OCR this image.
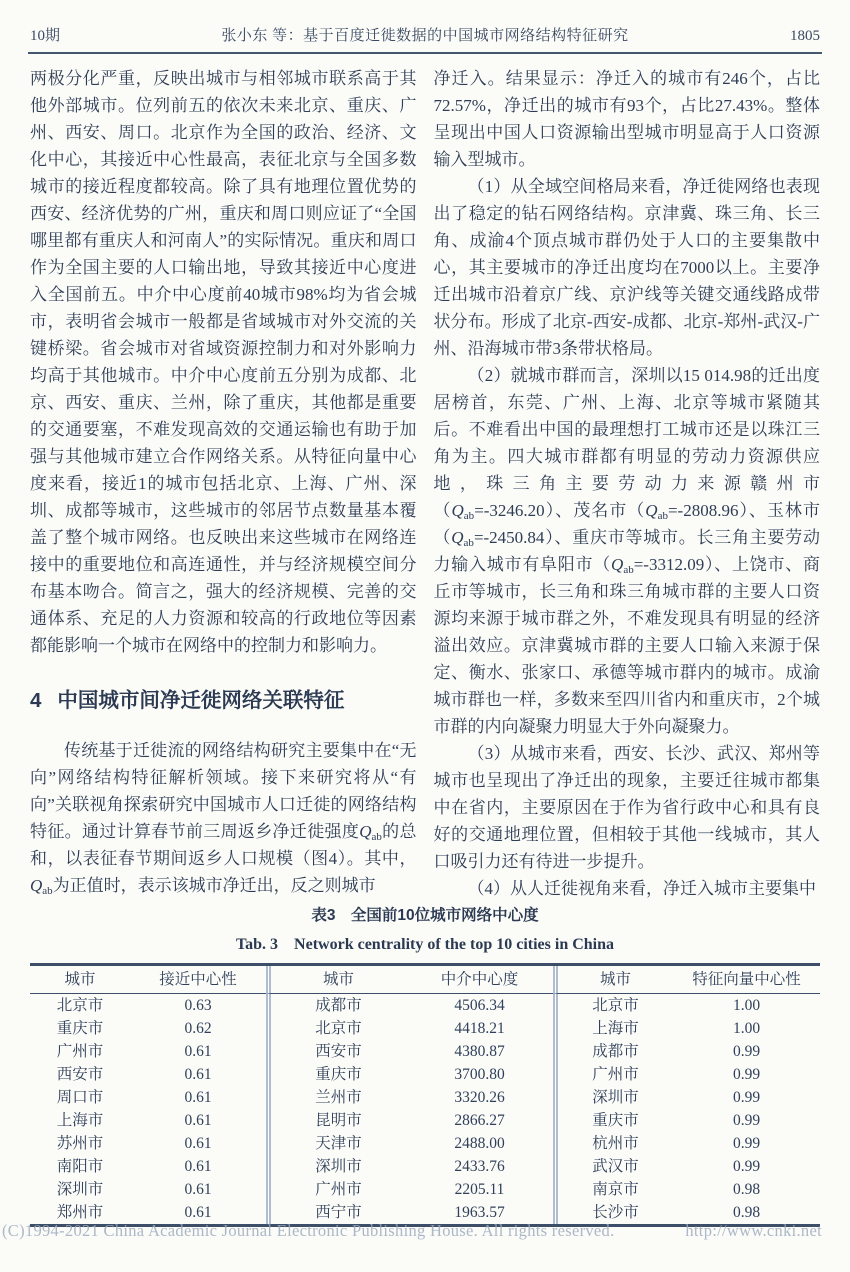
10期	张小东 等：基于百度迁徙数据的中国城市网络结构特征研究	1805

两极分化严重，反映出城市与相邻城市联系高于其他外部城市。位列前五的依次未来北京、重庆、广州、西安、周口。北京作为全国的政治、经济、文化中心，其接近中心性最高，表征北京与全国多数城市的接近程度都较高。除了具有地理位置优势的西安、经济优势的广州，重庆和周口则应证了“全国哪里都有重庆人和河南人”的实际情况。重庆和周口作为全国主要的人口输出地，导致其接近中心度进入全国前五。中介中心度前40城市98%均为省会城市，表明省会城市一般都是省域城市对外交流的关键桥梁。省会城市对省域资源控制力和对外影响力均高于其他城市。中介中心度前五分别为成都、北京、西安、重庆、兰州，除了重庆，其他都是重要的交通要塞，不难发现高效的交通运输也有助于加强与其他城市建立合作网络关系。从特征向量中心度来看，接近1的城市包括北京、上海、广州、深圳、成都等城市，这些城市的邻居节点数量基本覆盖了整个城市网络。也反映出来这些城市在网络连接中的重要地位和高连通性，并与经济规模空间分布基本吻合。简言之，强大的经济规模、完善的交通体系、充足的人力资源和较高的行政地位等因素都能影响一个城市在网络中的控制力和影响力。

4 中国城市间净迁徙网络关联特征

传统基于迁徙流的网络结构研究主要集中在“无向”网络结构特征解析领域。接下来研究将从“有向”关联视角探索研究中国城市人口迁徙的网络结构特征。通过计算春节前三周返乡净迁徙强度$Q_{ab}$的总和，以表征春节期间返乡人口规模（图4）。其中，$Q_{ab}$为正值时，表示该城市净迁出，反之则城市

净迁入。结果显示：净迁入的城市有246个，占比72.57%，净迁出的城市有93个，占比27.43%。整体呈现出中国人口资源输出型城市明显高于人口资源输入型城市。

（1）从全域空间格局来看，净迁徙网络也表现出了稳定的钻石网络结构。京津冀、珠三角、长三角、成渝4个顶点城市群仍处于人口的主要集散中心，其主要城市的净迁出度均在7000以上。主要净迁出城市沿着京广线、京沪线等关键交通线路成带状分布。形成了北京-西安-成都、北京-郑州-武汉-广州、沿海城市带3条带状格局。

（2）就城市群而言，深圳以15 014.98的迁出度居榜首，东莞、广州、上海、北京等城市紧随其后。不难看出中国的最理想打工城市还是以珠江三角为主。四大城市群都有明显的劳动力资源供应地，珠三角主要劳动力来源赣州市$(Q_{ab}=-3246.20)$、茂名市$(Q_{ab}=-2808.96)$、玉林市$(Q_{ab}=-2450.84)$、重庆市等城市。长三角主要劳动力输入城市有阜阳市$(Q_{ab}=-3312.09)$、上饶市、商丘市等城市，长三角和珠三角城市群的主要人口资源均来源于城市群之外，不难发现具有明显的经济溢出效应。京津冀城市群的主要人口输入来源于保定、衡水、张家口、承德等城市群内的城市。成渝城市群也一样，多数来至四川省内和重庆市，2个城市群的内向凝聚力明显大于外向凝聚力。

（3）从城市来看，西安、长沙、武汉、郑州等城市也呈现出了净迁出的现象，主要迁往城市都集中在省内，主要原因在于作为省行政中心和具有良好的交通地理位置，但相较于其他一线城市，其人口吸引力还有待进一步提升。

（4）从人迁徙视角来看，净迁入城市主要集中

表3　全国前10位城市网络中心度
Tab. 3　Network centrality of the top 10 cities in China
城市	接近中心性	城市	中介中心度	城市	特征向量中心性
北京市	0.63	成都市	4506.34	北京市	1.00
重庆市	0.62	北京市	4418.21	上海市	1.00
广州市	0.61	西安市	4380.87	成都市	0.99
西安市	0.61	重庆市	3700.80	广州市	0.99
周口市	0.61	兰州市	3320.26	深圳市	0.99
上海市	0.61	昆明市	2866.27	重庆市	0.99
苏州市	0.61	天津市	2488.00	杭州市	0.99
南阳市	0.61	深圳市	2433.76	武汉市	0.99
深圳市	0.61	广州市	2205.11	南京市	0.98
郑州市	0.61	西宁市	1963.57	长沙市	0.98
(C)1994-2021 China Academic Journal Electronic Publishing House. All rights reserved.	http://www.cnki.net
